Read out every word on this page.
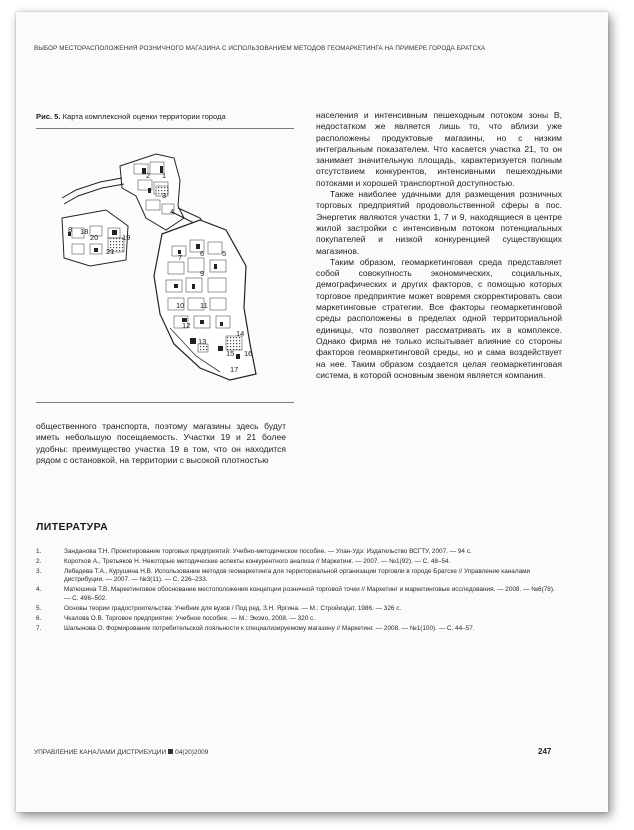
ВЫБОР МЕСТОРАСПОЛОЖЕНИЯ РОЗНИЧНОГО МАГАЗИНА С ИСПОЛЬЗОВАНИЕМ МЕТОДОВ ГЕОМАРКЕТИНГА НА ПРИМЕРЕ ГОРОДА БРАТСКА
Рис. 5. Карта комплексной оценки территории города
1
2
3
4
5
6
7
8
9
10 11
12
13
14
15 16
17
18
19
20
21

общественного транспорта, поэтому магазины здесь будут иметь небольшую посещаемость. Участки 19 и 21 более удобны: преимущество участка 19 в том, что он находится рядом с остановкой, на территории с высокой плотностью

населения и интенсивным пешеходным потоком зоны В, недостатком же является лишь то, что вблизи уже расположены продуктовые магазины, но с низким интегральным показателем. Что касается участка 21, то он занимает значительную площадь, характеризуется полным отсутствием конкурентов, интенсивными пешеходными потоками и хорошей транспортной доступностью.

Также наиболее удачными для размещения розничных торговых предприятий продовольственной сферы в пос. Энергетик являются участки 1, 7 и 9, находящиеся в центре жилой застройки с интенсивным потоком потенциальных покупателей и низкой конкуренцией существующих магазинов.

Таким образом, геомаркетинговая среда представляет собой совокупность экономических, социальных, демографических и других факторов, с помощью которых торговое предприятие может вовремя скорректировать свои маркетинговые стратегии. Все факторы геомаркетинговой среды расположены в пределах одной территориальной единицы, что позволяет рассматривать их в комплексе. Однако фирма не только испытывает влияние со стороны факторов геомаркетинговой среды, но и сама воздействует на нее. Таким образом создается целая геомаркетинговая система, в которой основным звеном является компания.

ЛИТЕРАТУРА
1.	Занданова Т.Н. Проектирование торговых предприятий: Учебно-методическое пособие. — Улан-Удэ: Издательство ВСГТУ, 2007. — 94 с.
2.	Коротков А., Третьяков Н. Некоторые методические аспекты конкурентного анализа // Маркетинг. — 2007. — №1(92). — С. 48–54.
3.	Лебедева Т.А., Курушина Н.В. Использование методов геомаркетинга для территориальной организации торговли в городе Братске // Управление каналами дистрибуции. — 2007. — №3(11). — С. 226–233.
4.	Матюшина Т.В. Маркетинговое обоснование местоположения концепции розничной торговой точки // Маркетинг и маркетинговые исследования. — 2008. — №6(78). — С. 496–502.
5.	Основы теории градостроительства: Учебник для вузов / Под ред. З.Н. Яргина. — М.: Стройиздат, 1986. — 326 с.
6.	Чкалова О.В. Торговое предприятие: Учебное пособие. — М.: Эксмо, 2008. — 320 с.
7.	Шалынова О. Формирование потребительской лояльности к специализируемому магазину // Маркетинг. — 2008. — №1(100). — С. 44–57.
УПРАВЛЕНИЕ КАНАЛАМИ ДИСТРИБУЦИИ 04(20)2009	247
